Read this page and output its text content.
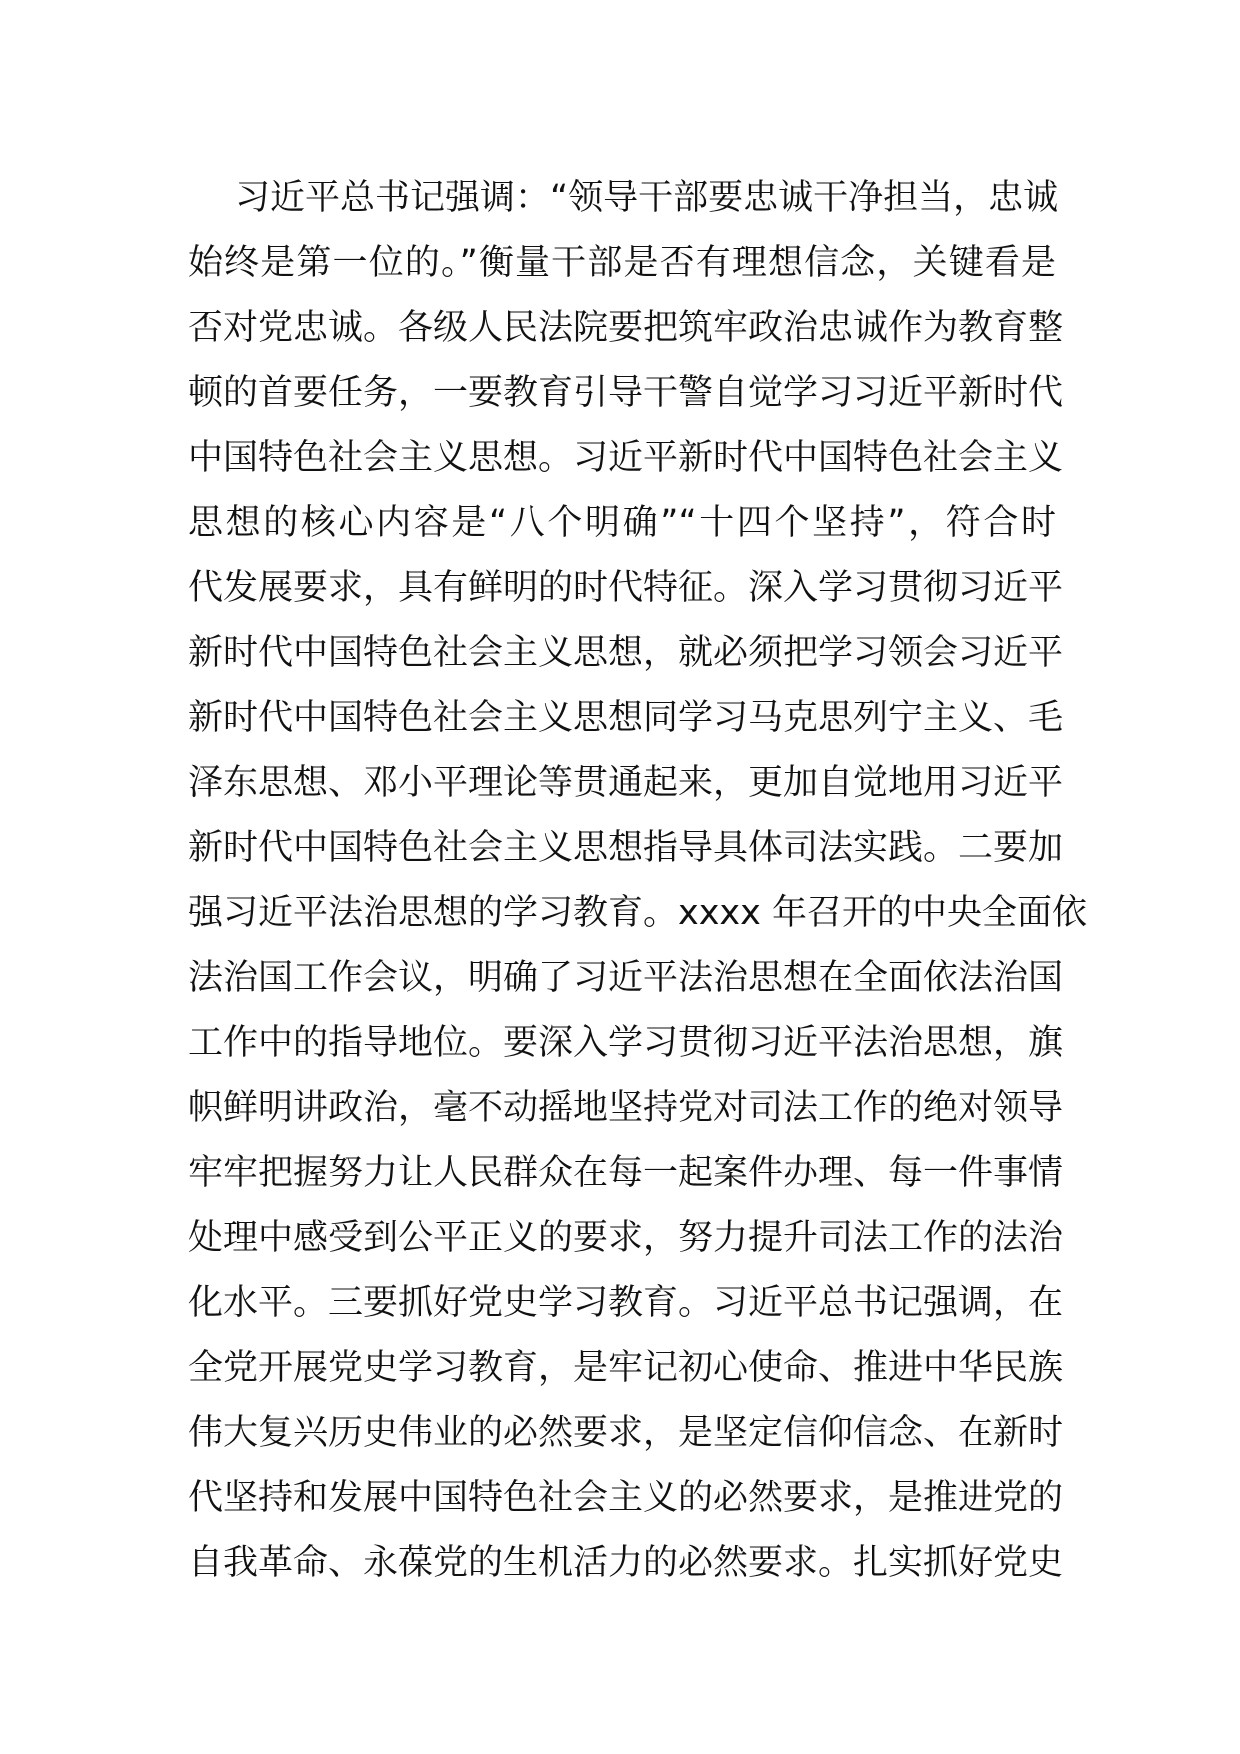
习近平总书记强调：“领导干部要忠诚干净担当，忠诚
始终是第一位的。”衡量干部是否有理想信念，关键看是
否对党忠诚。各级人民法院要把筑牢政治忠诚作为教育整
顿的首要任务，一要教育引导干警自觉学习习近平新时代
中国特色社会主义思想。习近平新时代中国特色社会主义
思想的核心内容是“八个明确”“十四个坚持”，符合时
代发展要求，具有鲜明的时代特征。深入学习贯彻习近平
新时代中国特色社会主义思想，就必须把学习领会习近平
新时代中国特色社会主义思想同学习马克思列宁主义、毛
泽东思想、邓小平理论等贯通起来，更加自觉地用习近平
新时代中国特色社会主义思想指导具体司法实践。二要加
强习近平法治思想的学习教育。xxxx 年召开的中央全面依
法治国工作会议，明确了习近平法治思想在全面依法治国
工作中的指导地位。要深入学习贯彻习近平法治思想，旗
帜鲜明讲政治，毫不动摇地坚持党对司法工作的绝对领导
牢牢把握努力让人民群众在每一起案件办理、每一件事情
处理中感受到公平正义的要求，努力提升司法工作的法治
化水平。三要抓好党史学习教育。习近平总书记强调，在
全党开展党史学习教育，是牢记初心使命、推进中华民族
伟大复兴历史伟业的必然要求，是坚定信仰信念、在新时
代坚持和发展中国特色社会主义的必然要求，是推进党的
自我革命、永葆党的生机活力的必然要求。扎实抓好党史
